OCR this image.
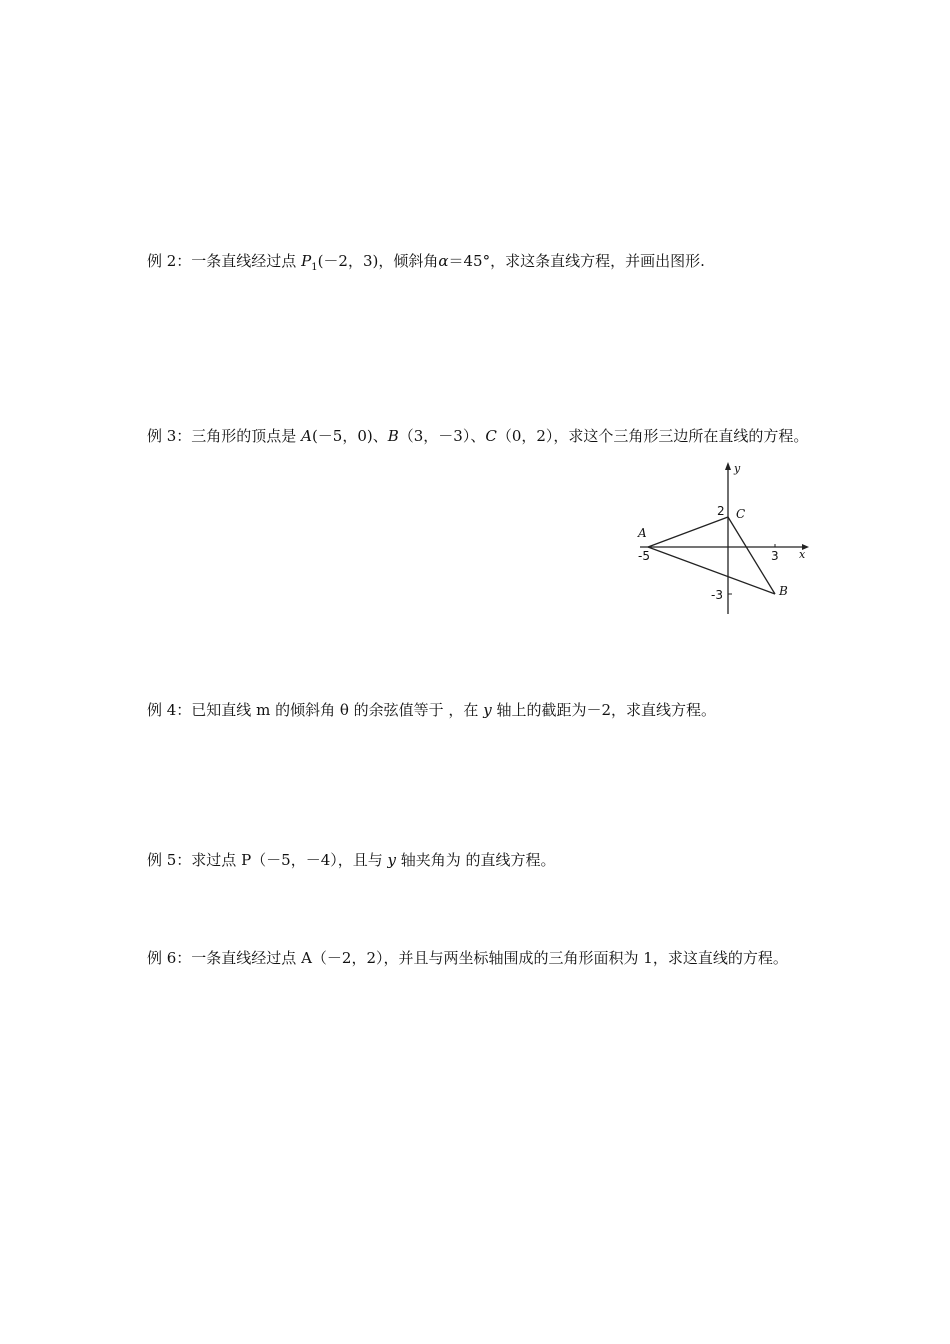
例 2：一条直线经过点 $P_1(-2$，3)，倾斜角α＝45°，求这条直线方程，并画出图形.
例 3：三角形的顶点是 A(－5，0)、B（3，－3）、C（0，2），求这个三角形三边所在直线的方程。
y
x
A
C
B
-5	3
2
-3
例 4：已知直线 m 的倾斜角 θ 的余弦值等于 ，在 y 轴上的截距为－2，求直线方程。
例 5：求过点 P（－5，－4），且与 y 轴夹角为 的直线方程。
例 6：一条直线经过点 A（－2，2），并且与两坐标轴围成的三角形面积为 1，求这直线的方程。
